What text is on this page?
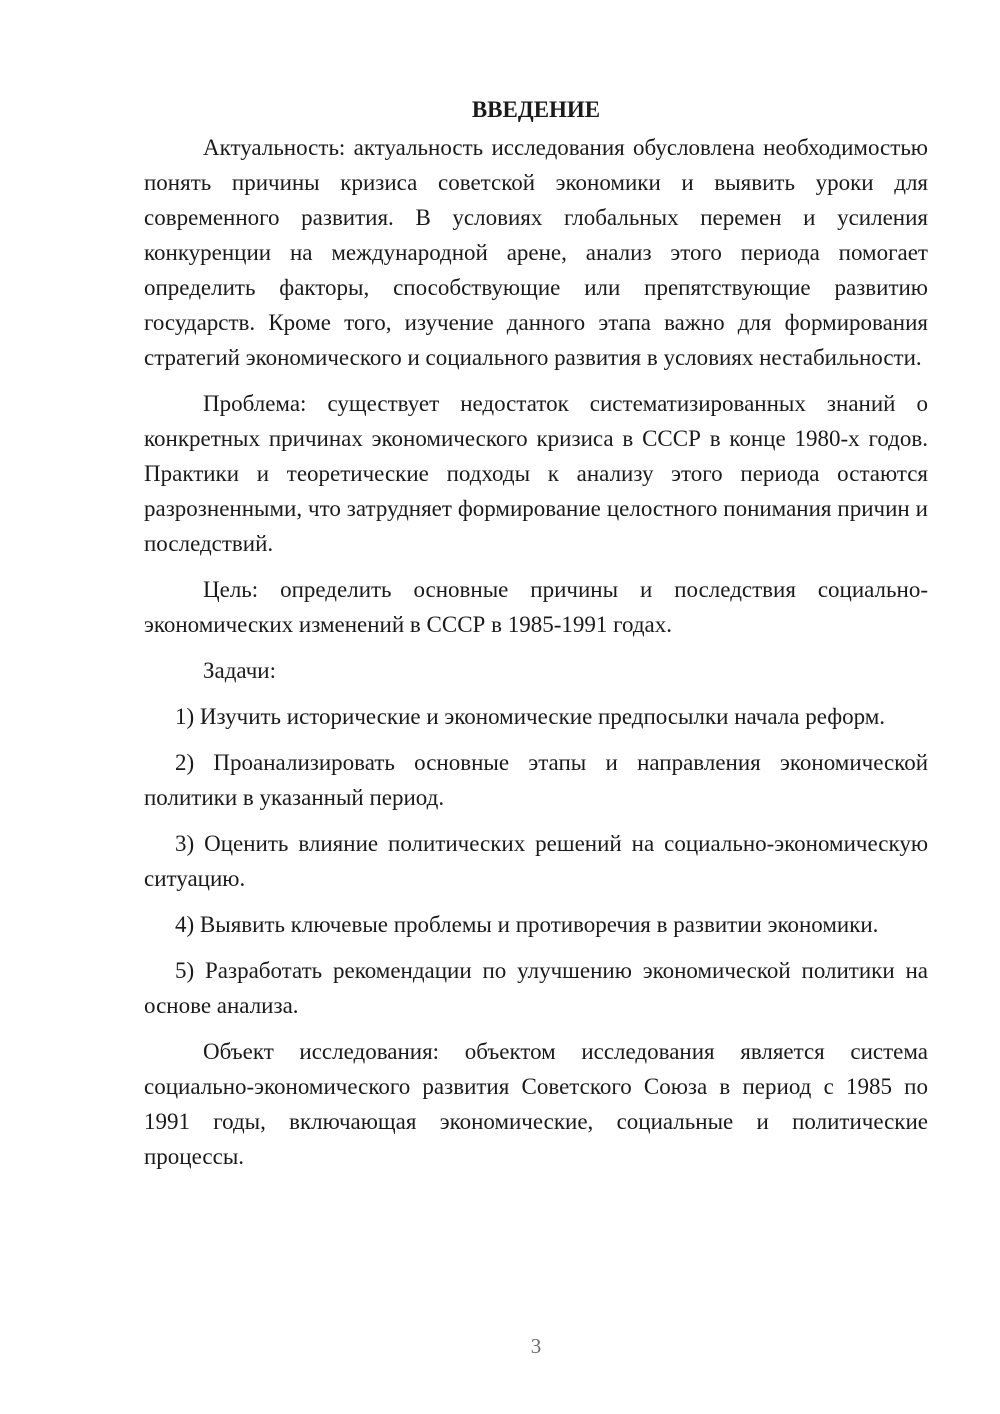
ВВЕДЕНИЕ

Актуальность: актуальность исследования обусловлена необходимостью понять причины кризиса советской экономики и выявить уроки для современного развития. В условиях глобальных перемен и усиления конкуренции на международной арене, анализ этого периода помогает определить факторы, способствующие или препятствующие развитию государств. Кроме того, изучение данного этапа важно для формирования стратегий экономического и социального развития в условиях нестабильности.

Проблема: существует недостаток систематизированных знаний о конкретных причинах экономического кризиса в СССР в конце 1980-х годов. Практики и теоретические подходы к анализу этого периода остаются разрозненными, что затрудняет формирование целостного понимания причин и последствий.

Цель: определить основные причины и последствия социально-экономических изменений в СССР в 1985-1991 годах.

Задачи:

1) Изучить исторические и экономические предпосылки начала реформ.

2) Проанализировать основные этапы и направления экономической политики в указанный период.

3) Оценить влияние политических решений на социально-экономическую ситуацию.

4) Выявить ключевые проблемы и противоречия в развитии экономики.

5) Разработать рекомендации по улучшению экономической политики на основе анализа.

Объект исследования: объектом исследования является система социально-экономического развития Советского Союза в период с 1985 по 1991 годы, включающая экономические, социальные и политические процессы.

3
